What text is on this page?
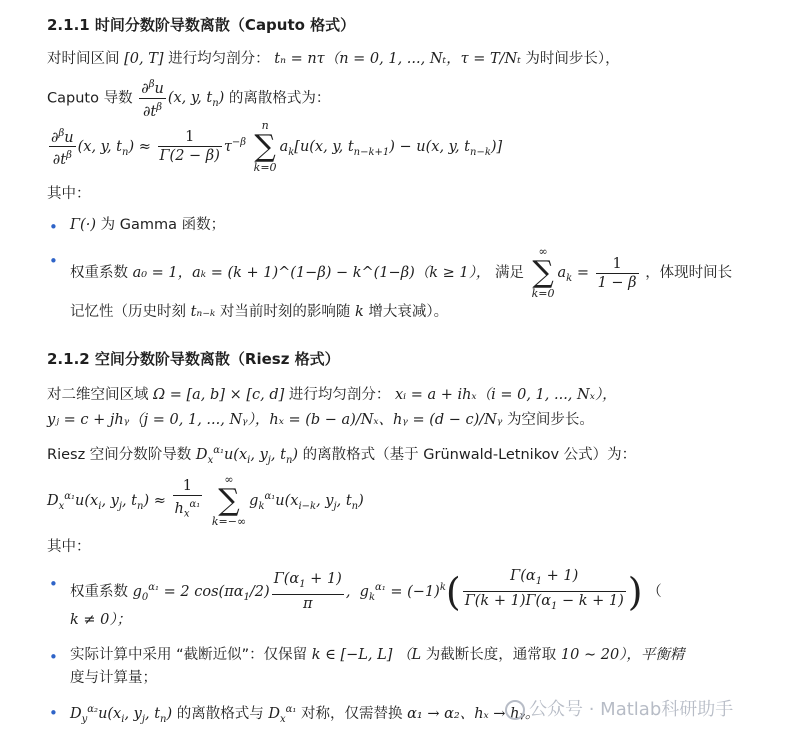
2.1.1 时间分数阶导数离散（Caputo 格式）
对时间区间 [0, T] 进行均匀剖分： tₙ = nτ（n = 0, 1, ..., Nₜ，τ = T/Nₜ 为时间步长），
Caputo 导数 $\frac{\partial^\beta u}{\partial t^\beta} (x$, y, $t_n$) 的离散格式为：
$\frac{\partial^\beta u}{\partial t^\beta} (x$, y, $t_n) \approx \frac{1}{\Gamma(2 - \beta)} \tau^{-\beta}$
n
∑
k=0
$a_k[u(x$, y, $t_{n-k+1}) - u(x$, y, $t_{n-k}$)]
其中：
• Γ(·) 为 Gamma 函数；
•
权重系数 a₀ = 1，aₖ = (k + 1)^(1−β) − k^(1−β)（k ≥ 1）， 满足
∞
∑
k=0
$a_k = \frac{1}{1 - \beta}$ ，体现时间长
记忆性（历史时刻 tₙ₋ₖ 对当前时刻的影响随 k 增大衰减）。
2.1.2 空间分数阶导数离散（Riesz 格式）
对二维空间区域 Ω = [a, b] × [c, d] 进行均匀剖分： xᵢ = a + ihₓ（i = 0, 1, ..., Nₓ），
yⱼ = c + jhᵧ（j = 0, 1, ..., Nᵧ），hₓ = (b − a)/Nₓ、hᵧ = (d − c)/Nᵧ 为空间步长。
Riesz 空间分数阶导数 $D_x^{\alpha_1}u(x_i$, $y_j$, $t_n$) 的离散格式（基于 Grünwald-Letnikov 公式）为：
$D_x^{\alpha_1}u(x_i$, $y_j$, $t_n) \approx \frac{1}{h_x^{\alpha_1}}$
	∞
∑
k=−∞
$g_k^{\alpha_1}u(x_{i-k}$, $y_j$, $t_n$)
其中：
• 权重系数 $g_0^{\alpha_1} = 2$ $\cos(\pi\alpha_1/2) \frac{\Gamma(\alpha_1 + 1)}{\pi}$ ,  $g_k^{\alpha_1} = (-1)^k( \frac{\Gamma(\alpha_1 + 1)}{\Gamma(k + 1)\Gamma(\alpha_1 - k + 1)}$ ) （
k ≠ 0）；
• 实际计算中采用 “截断近似”：仅保留 k ∈ [−L, L] （L 为截断长度，通常取 10 ∼ 20），平衡精
度与计算量；
• $D_y^{\alpha_2}u(x_i$, $y_j$, $t_n$) 的离散格式与 $D_x^{\alpha_1}$ 对称，仅需替换 α₁ → α₂、hₓ → hᵧ。
公众号 · Matlab科研助手
